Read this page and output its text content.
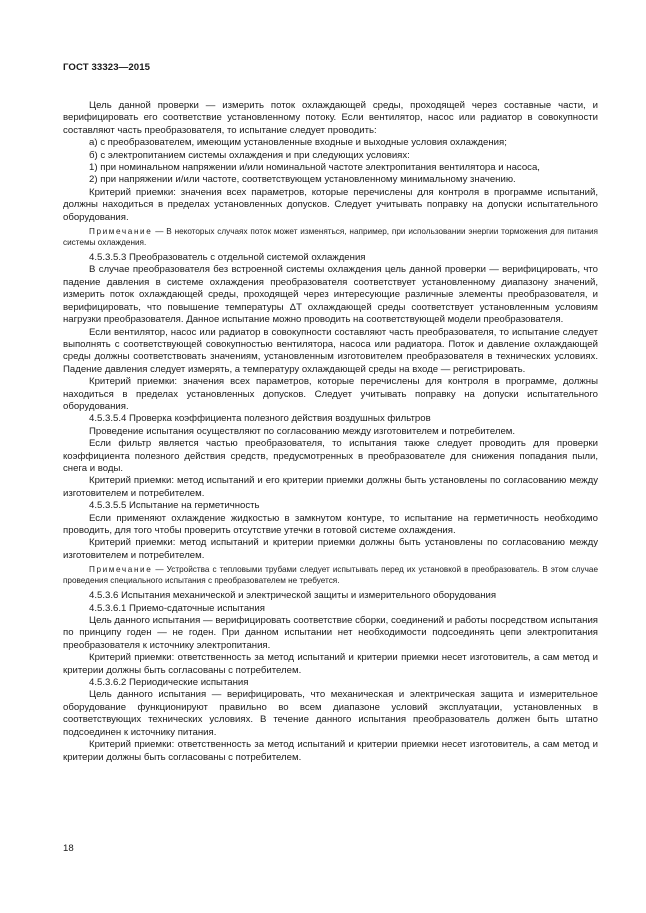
ГОСТ 33323—2015

Цель данной проверки — измерить поток охлаждающей среды, проходящей через составные части, и верифицировать его соответствие установленному потоку. Если вентилятор, насос или радиатор в совокупности составляют часть преобразователя, то испытание следует проводить:

а) с преобразователем, имеющим установленные входные и выходные условия охлаждения;

б) с электропитанием системы охлаждения и при следующих условиях:

1) при номинальном напряжении и/или номинальной частоте электропитания вентилятора и насоса,

2) при напряжении и/или частоте, соответствующем установленному минимальному значению.

Критерий приемки: значения всех параметров, которые перечислены для контроля в программе испытаний, должны находиться в пределах установленных допусков. Следует учитывать поправку на допуски испытательного оборудования.

Примечание — В некоторых случаях поток может изменяться, например, при использовании энергии торможения для питания системы охлаждения.

4.5.3.5.3 Преобразователь с отдельной системой охлаждения

В случае преобразователя без встроенной системы охлаждения цель данной проверки — верифицировать, что падение давления в системе охлаждения преобразователя соответствует установленному диапазону значений, измерить поток охлаждающей среды, проходящей через интересующие различные элементы преобразователя, и верифицировать, что повышение температуры ΔT охлаждающей среды соответствует установленным условиям нагрузки преобразователя. Данное испытание можно проводить на соответствующей модели преобразователя.

Если вентилятор, насос или радиатор в совокупности составляют часть преобразователя, то испытание следует выполнять с соответствующей совокупностью вентилятора, насоса или радиатора. Поток и давление охлаждающей среды должны соответствовать значениям, установленным изготовителем преобразователя в технических условиях. Падение давления следует измерять, а температуру охлаждающей среды на входе — регистрировать.

Критерий приемки: значения всех параметров, которые перечислены для контроля в программе, должны находиться в пределах установленных допусков. Следует учитывать поправку на допуски испытательного оборудования.

4.5.3.5.4 Проверка коэффициента полезного действия воздушных фильтров

Проведение испытания осуществляют по согласованию между изготовителем и потребителем.

Если фильтр является частью преобразователя, то испытания также следует проводить для проверки коэффициента полезного действия средств, предусмотренных в преобразователе для снижения попадания пыли, снега и воды.

Критерий приемки: метод испытаний и его критерии приемки должны быть установлены по согласованию между изготовителем и потребителем.

4.5.3.5.5 Испытание на герметичность

Если применяют охлаждение жидкостью в замкнутом контуре, то испытание на герметичность необходимо проводить, для того чтобы проверить отсутствие утечки в готовой системе охлаждения.

Критерий приемки: метод испытаний и критерии приемки должны быть установлены по согласованию между изготовителем и потребителем.

Примечание — Устройства с тепловыми трубами следует испытывать перед их установкой в преобразователь. В этом случае проведения специального испытания с преобразователем не требуется.

4.5.3.6 Испытания механической и электрической защиты и измерительного оборудования

4.5.3.6.1 Приемо-сдаточные испытания

Цель данного испытания — верифицировать соответствие сборки, соединений и работы посредством испытания по принципу годен — не годен. При данном испытании нет необходимости подсоединять цепи электропитания преобразователя к источнику электропитания.

Критерий приемки: ответственность за метод испытаний и критерии приемки несет изготовитель, а сам метод и критерии должны быть согласованы с потребителем.

4.5.3.6.2 Периодические испытания

Цель данного испытания — верифицировать, что механическая и электрическая защита и измерительное оборудование функционируют правильно во всем диапазоне условий эксплуатации, установленных в соответствующих технических условиях. В течение данного испытания преобразователь должен быть штатно подсоединен к источнику питания.

Критерий приемки: ответственность за метод испытаний и критерии приемки несет изготовитель, а сам метод и критерии должны быть согласованы с потребителем.

18
